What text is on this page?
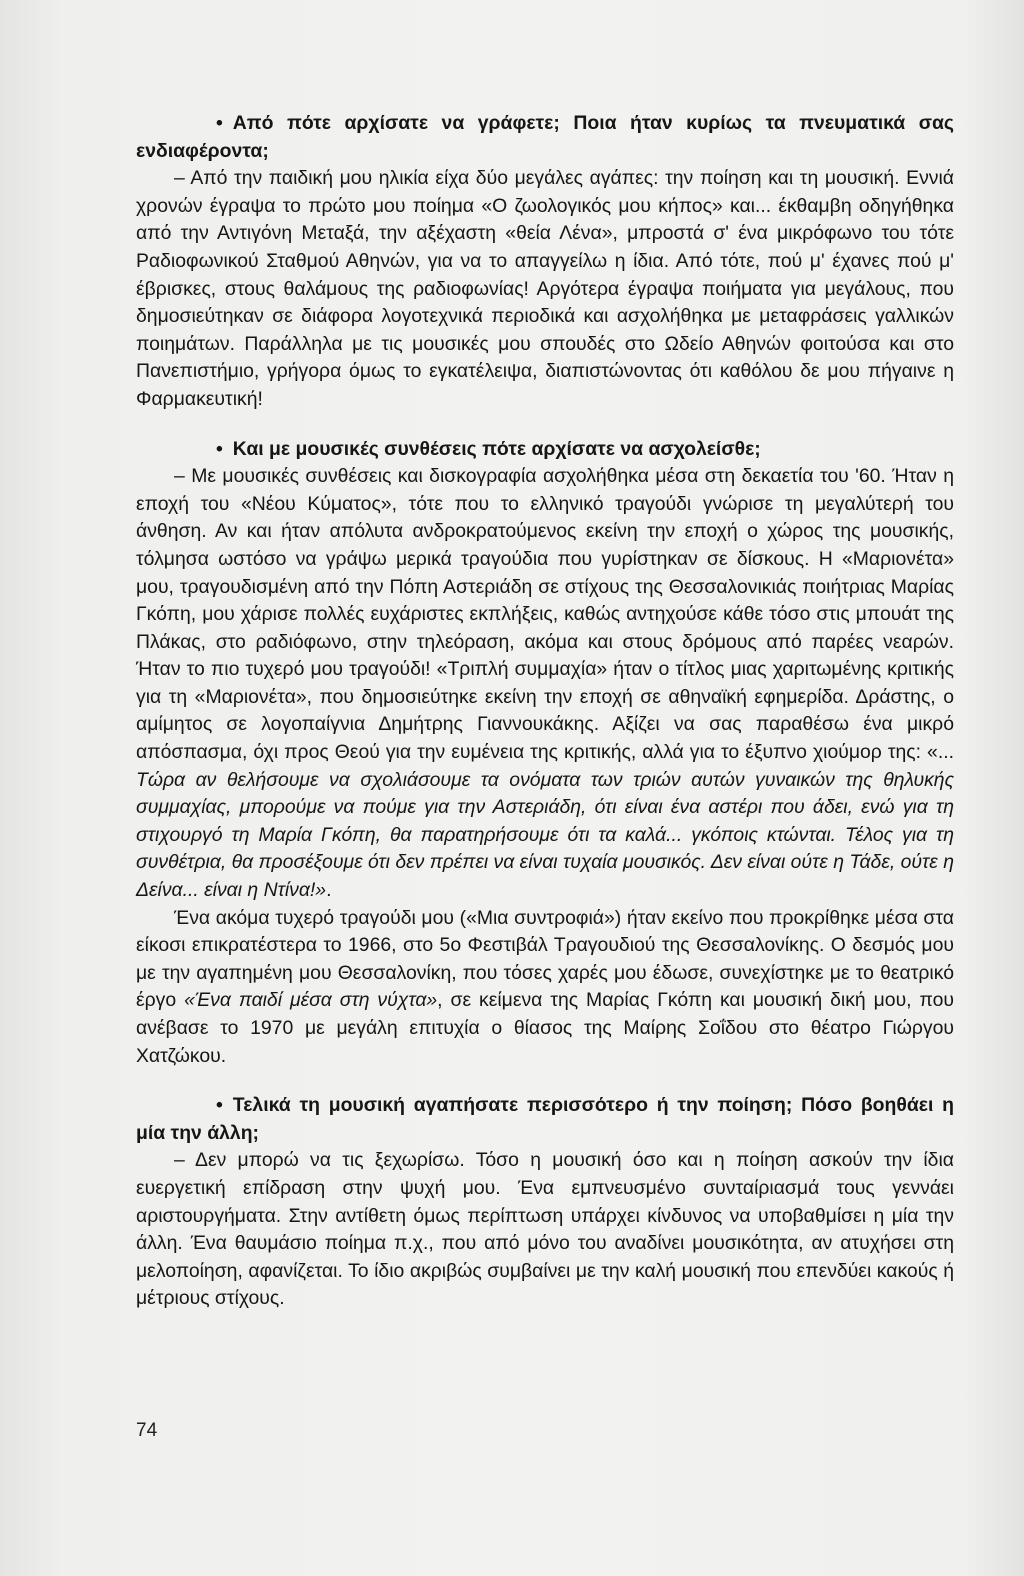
• Από πότε αρχίσατε να γράφετε; Ποια ήταν κυρίως τα πνευματικά σας ενδιαφέροντα;

– Από την παιδική μου ηλικία είχα δύο μεγάλες αγάπες: την ποίηση και τη μουσική. Εννιά χρονών έγραψα το πρώτο μου ποίημα «Ο ζωολογικός μου κήπος» και... έκθαμβη οδηγήθηκα από την Αντιγόνη Μεταξά, την αξέχαστη «θεία Λένα», μπροστά σ' ένα μικρόφωνο του τότε Ραδιοφωνικού Σταθμού Αθηνών, για να το απαγγείλω η ίδια. Από τότε, πού μ' έχανες πού μ' έβρισκες, στους θαλάμους της ραδιοφωνίας! Αργότερα έγραψα ποιήματα για μεγάλους, που δημοσιεύτηκαν σε διάφορα λογοτεχνικά περιοδικά και ασχολήθηκα με μεταφράσεις γαλλικών ποιημάτων. Παράλληλα με τις μουσικές μου σπουδές στο Ωδείο Αθηνών φοιτούσα και στο Πανεπιστήμιο, γρήγορα όμως το εγκατέλειψα, διαπιστώνοντας ότι καθόλου δε μου πήγαινε η Φαρμακευτική!

• Και με μουσικές συνθέσεις πότε αρχίσατε να ασχολείσθε;

– Με μουσικές συνθέσεις και δισκογραφία ασχολήθηκα μέσα στη δεκαετία του '60. Ήταν η εποχή του «Νέου Κύματος», τότε που το ελληνικό τραγούδι γνώρισε τη μεγαλύτερή του άνθηση. Αν και ήταν απόλυτα ανδροκρατούμενος εκείνη την εποχή ο χώρος της μουσικής, τόλμησα ωστόσο να γράψω μερικά τραγούδια που γυρίστηκαν σε δίσκους. Η «Μαριονέτα» μου, τραγουδισμένη από την Πόπη Αστεριάδη σε στίχους της Θεσσαλονικιάς ποιήτριας Μαρίας Γκόπη, μου χάρισε πολλές ευχάριστες εκπλήξεις, καθώς αντηχούσε κάθε τόσο στις μπουάτ της Πλάκας, στο ραδιόφωνο, στην τηλεόραση, ακόμα και στους δρόμους από παρέες νεαρών. Ήταν το πιο τυχερό μου τραγούδι! «Τριπλή συμμαχία» ήταν ο τίτλος μιας χαριτωμένης κριτικής για τη «Μαριονέτα», που δημοσιεύτηκε εκείνη την εποχή σε αθηναϊκή εφημερίδα. Δράστης, ο αμίμητος σε λογοπαίγνια Δημήτρης Γιαννουκάκης. Αξίζει να σας παραθέσω ένα μικρό απόσπασμα, όχι προς Θεού για την ευμένεια της κριτικής, αλλά για το έξυπνο χιούμορ της: «... Τώρα αν θελήσουμε να σχολιάσουμε τα ονόματα των τριών αυτών γυναικών της θηλυκής συμμαχίας, μπορούμε να πούμε για την Αστεριάδη, ότι είναι ένα αστέρι που άδει, ενώ για τη στιχουργό τη Μαρία Γκόπη, θα παρατηρήσουμε ότι τα καλά... γκόποις κτώνται. Τέλος για τη συνθέτρια, θα προσέξουμε ότι δεν πρέπει να είναι τυχαία μουσικός. Δεν είναι ούτε η Τάδε, ούτε η Δείνα... είναι η Ντίνα!».

Ένα ακόμα τυχερό τραγούδι μου («Μια συντροφιά») ήταν εκείνο που προκρίθηκε μέσα στα είκοσι επικρατέστερα το 1966, στο 5ο Φεστιβάλ Τραγουδιού της Θεσσαλονίκης. Ο δεσμός μου με την αγαπημένη μου Θεσσαλονίκη, που τόσες χαρές μου έδωσε, συνεχίστηκε με το θεατρικό έργο «Ένα παιδί μέσα στη νύχτα», σε κείμενα της Μαρίας Γκόπη και μουσική δική μου, που ανέβασε το 1970 με μεγάλη επιτυχία ο θίασος της Μαίρης Σοΐδου στο θέατρο Γιώργου Χατζώκου.

• Τελικά τη μουσική αγαπήσατε περισσότερο ή την ποίηση; Πόσο βοηθάει η μία την άλλη;

– Δεν μπορώ να τις ξεχωρίσω. Τόσο η μουσική όσο και η ποίηση ασκούν την ίδια ευεργετική επίδραση στην ψυχή μου. Ένα εμπνευσμένο συνταίριασμά τους γεννάει αριστουργήματα. Στην αντίθετη όμως περίπτωση υπάρχει κίνδυνος να υποβαθμίσει η μία την άλλη. Ένα θαυμάσιο ποίημα π.χ., που από μόνο του αναδίνει μουσικότητα, αν ατυχήσει στη μελοποίηση, αφανίζεται. Το ίδιο ακριβώς συμβαίνει με την καλή μουσική που επενδύει κακούς ή μέτριους στίχους.

74
